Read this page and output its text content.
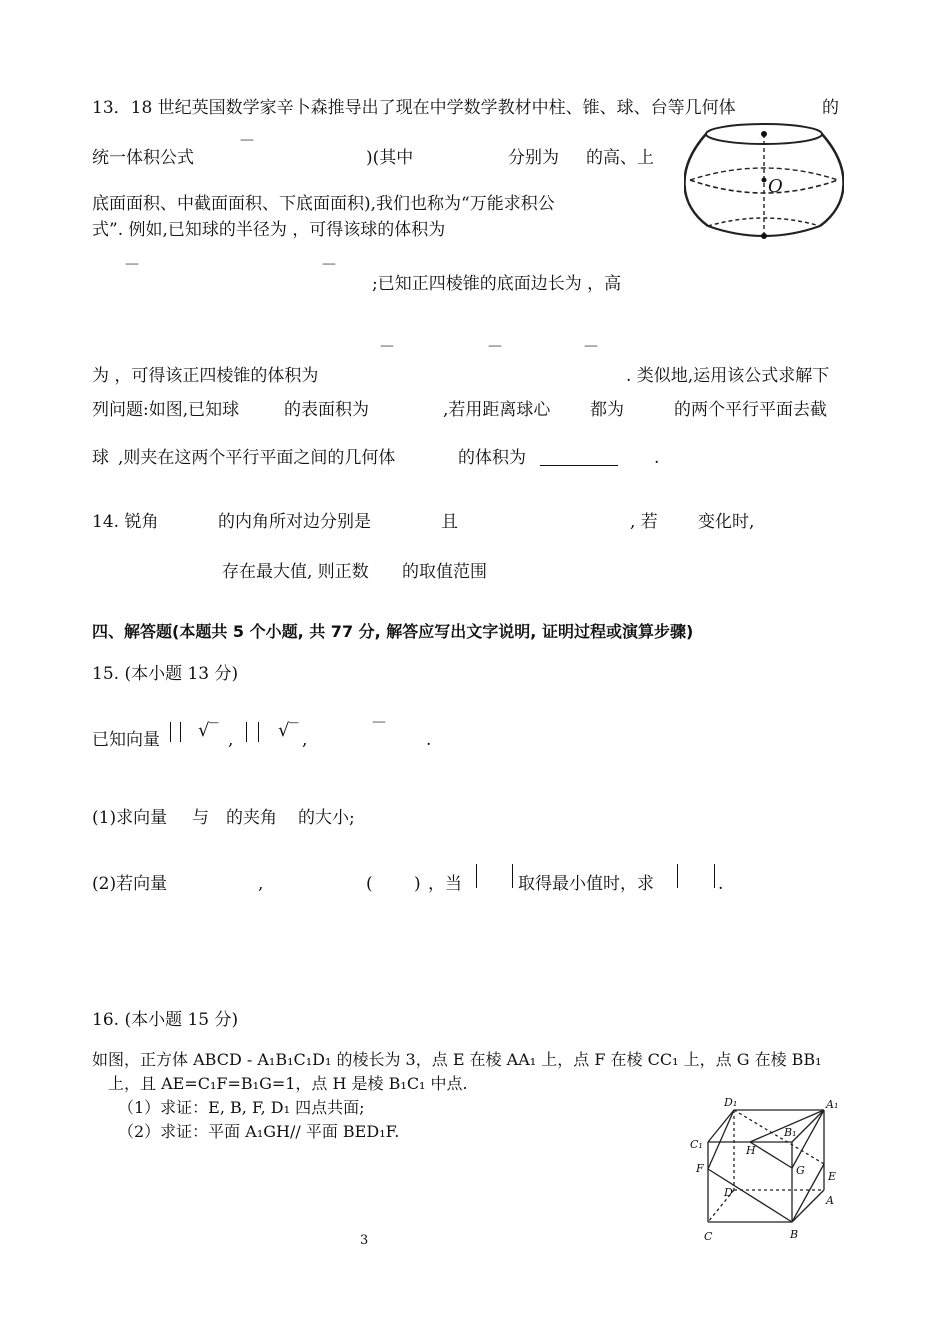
13．18 世纪英国数学家辛卜森推导出了现在中学数学教材中柱、锥、球、台等几何体	的
—
统一体积公式	)(其中	分别为 的高、上
底面面积、中截面面积、下底面面积),我们也称为“万能求积公
式”. 例如,已知球的半径为 ，可得该球的体积为
—	—
;已知正四棱锥的底面边长为 ，高
—	—	—
为 ，可得该正四棱锥的体积为	. 类似地,运用该公式求解下
列问题:如图,已知球	的表面积为	,若用距离球心 都为	的两个平行平面去截
球 ,则夹在这两个平行平面之间的几何体	的体积为	.
O
14. 锐角	的内角所对边分别是	且	, 若 变化时,
存在最大值, 则正数 的取值范围
四、解答题(本题共 5 个小题, 共 77 分, 解答应写出文字说明, 证明过程或演算步骤)
15. (本小题 13 分)
—
已知向量 √‾ , √‾ ,	.
(1)求向量 与 的夹角 的大小;
(2)若向量	,	( ) ，当	取得最小值时，求	.
16. (本小题 15 分)
如图，正方体 ABCD - A₁B₁C₁D₁ 的棱长为 3，点 E 在棱 AA₁ 上，点 F 在棱 CC₁ 上，点 G 在棱 BB₁
上，且 AE=C₁F=B₁G=1，点 H 是棱 B₁C₁ 中点.
（1）求证：E, B, F, D₁ 四点共面;
（2）求证：平面 A₁GH// 平面 BED₁F.
D₁	A₁
C₁
B₁
H
G
F
E
D
A
C	B
3
